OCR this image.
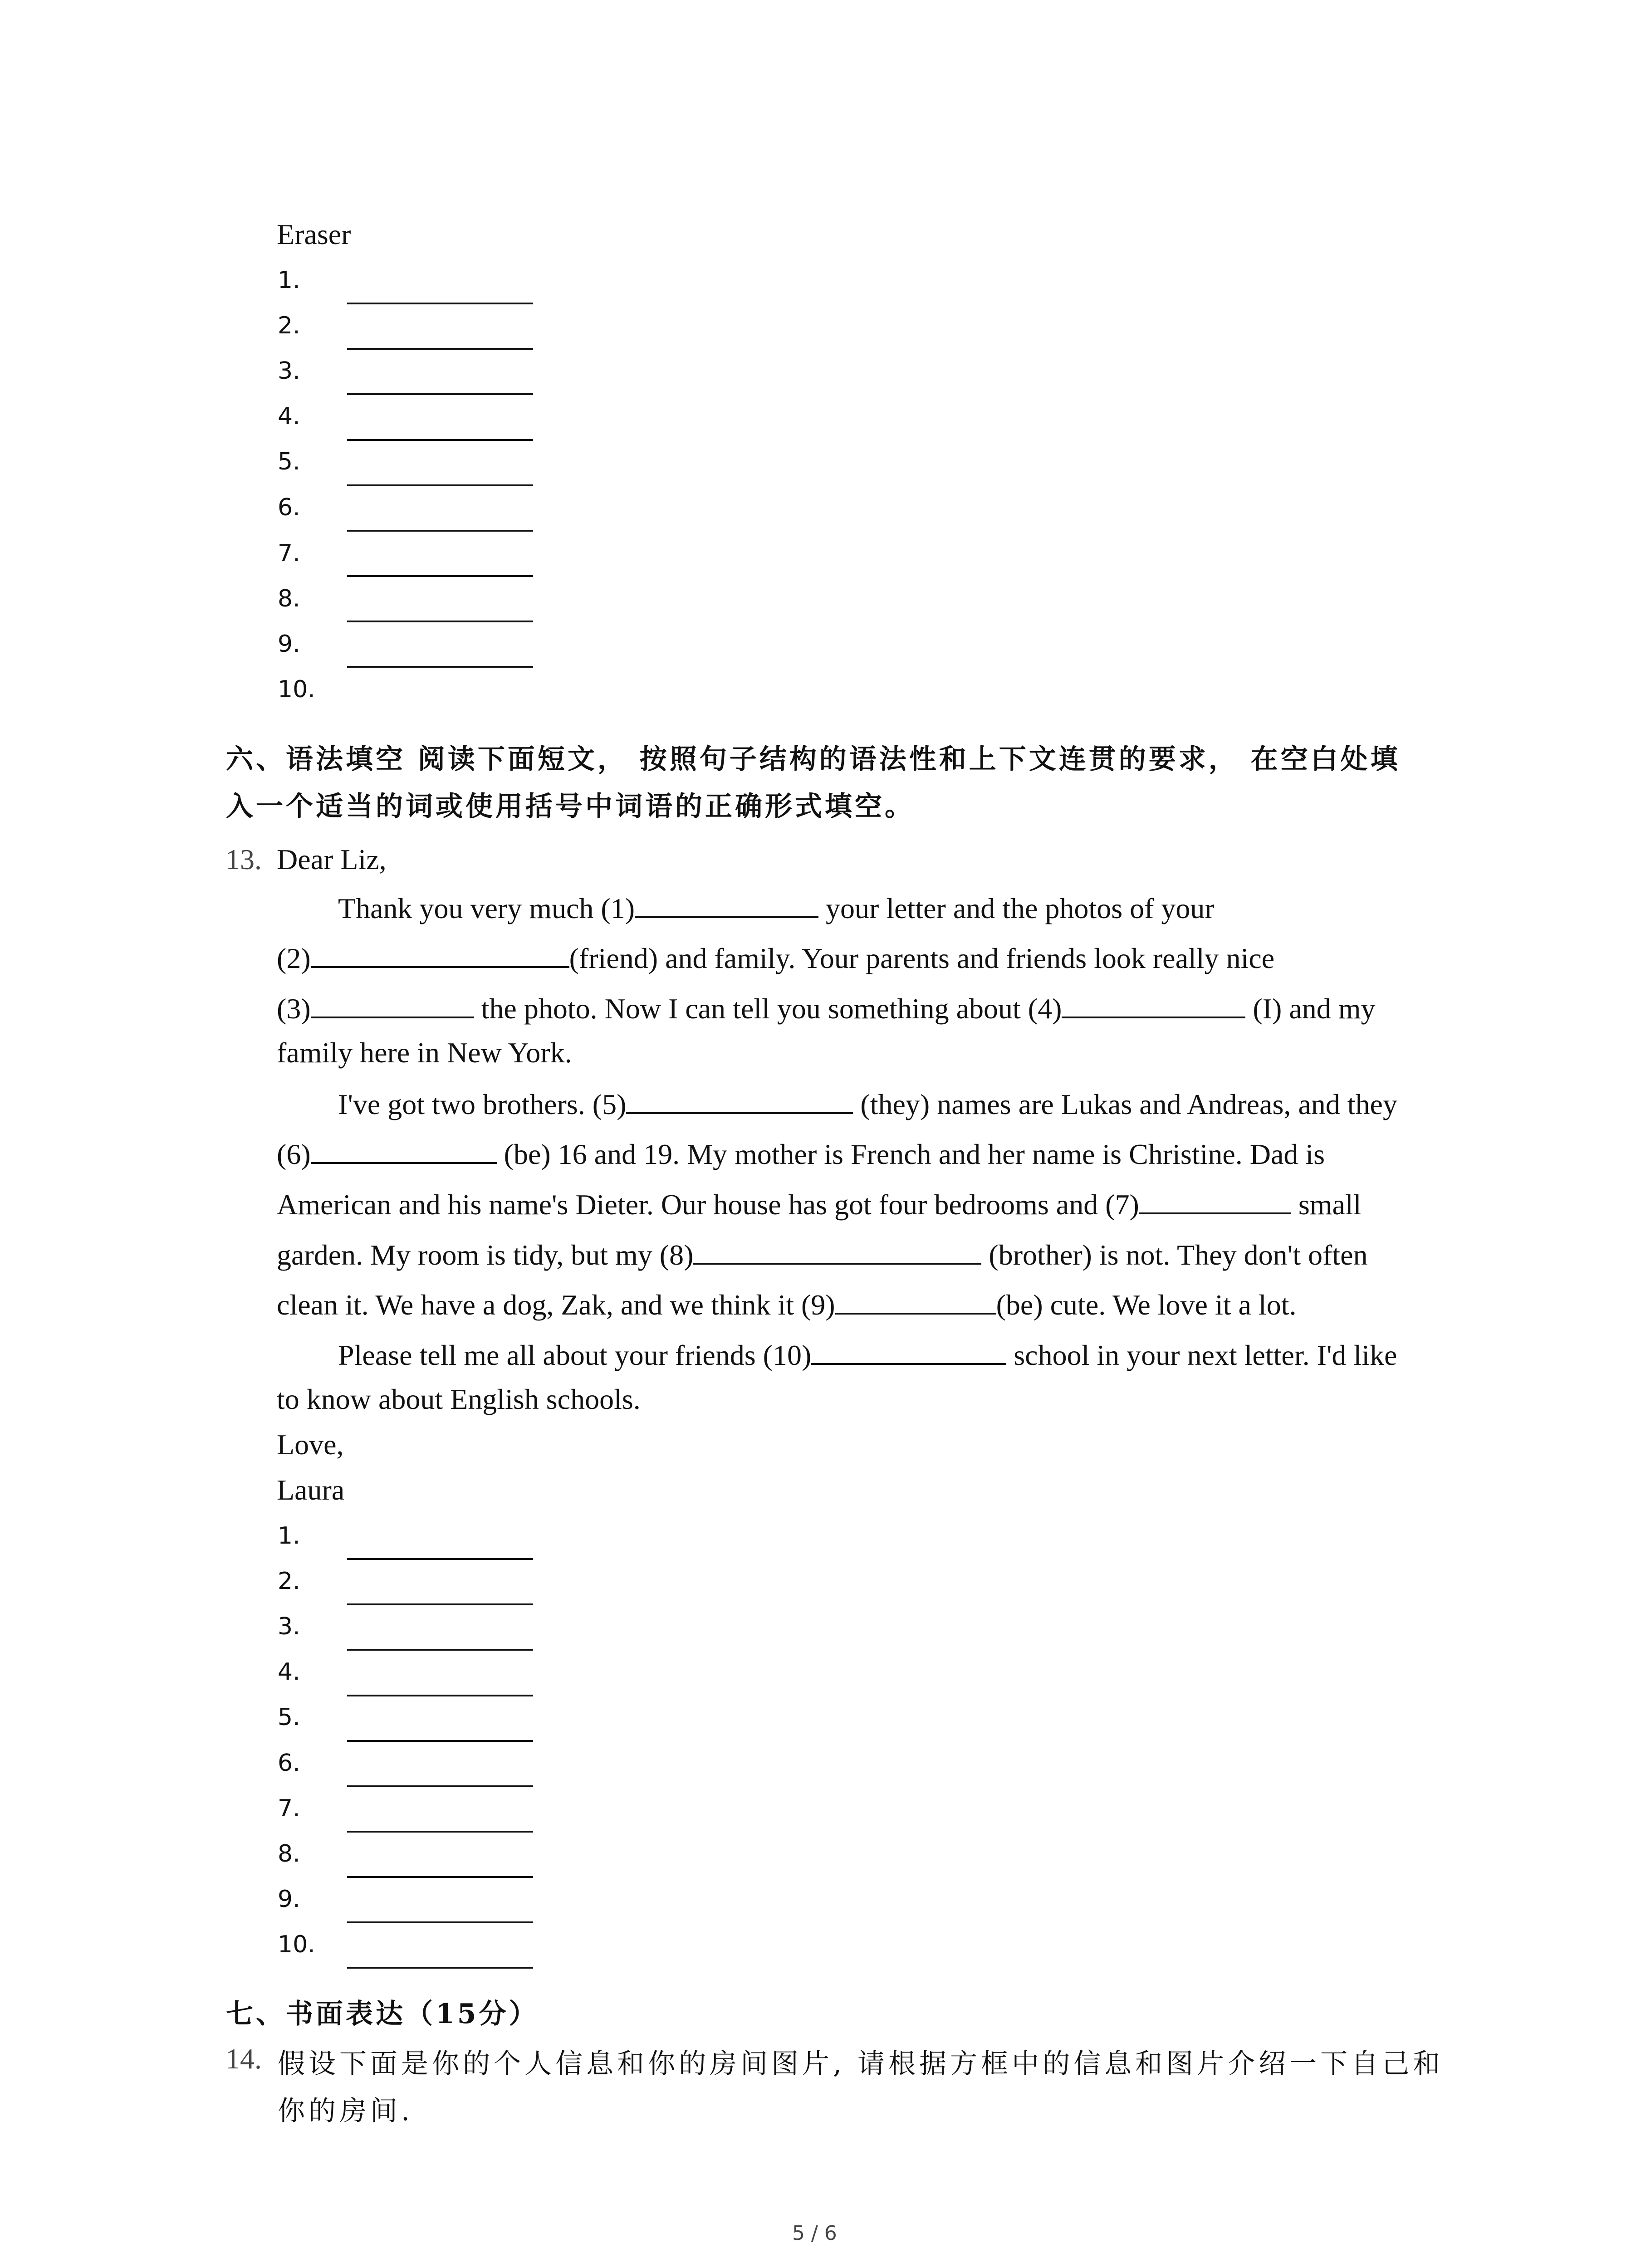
Eraser
1.
2.
3.
4.
5.
6.
7.
8.
9.
10.
六、语法填空 阅读下面短文， 按照句子结构的语法性和上下文连贯的要求， 在空白处填
入一个适当的词或使用括号中词语的正确形式填空。
13. Dear Liz,
Thank you very much (1)	your letter and the photos of your
(2)	(friend) and family. Your parents and friends look really nice
(3)	the photo. Now I can tell you something about (4)	(I) and my
family here in New York.
I've got two brothers. (5)	(they) names are Lukas and Andreas, and they
(6)	(be) 16 and 19. My mother is French and her name is Christine. Dad is
American and his name's Dieter. Our house has got four bedrooms and (7)	small
garden. My room is tidy, but my (8)	(brother) is not. They don't often
clean it. We have a dog, Zak, and we think it (9)	(be) cute. We love it a lot.
Please tell me all about your friends (10)	school in your next letter. I'd like
to know about English schools.
Love,
Laura
1.
2.
3.
4.
5.
6.
7.
8.
9.
10.
七、书面表达（15分）
14. 假设下面是你的个人信息和你的房间图片, 请根据方框中的信息和图片介绍一下自己和
你的房间.
5 / 6
